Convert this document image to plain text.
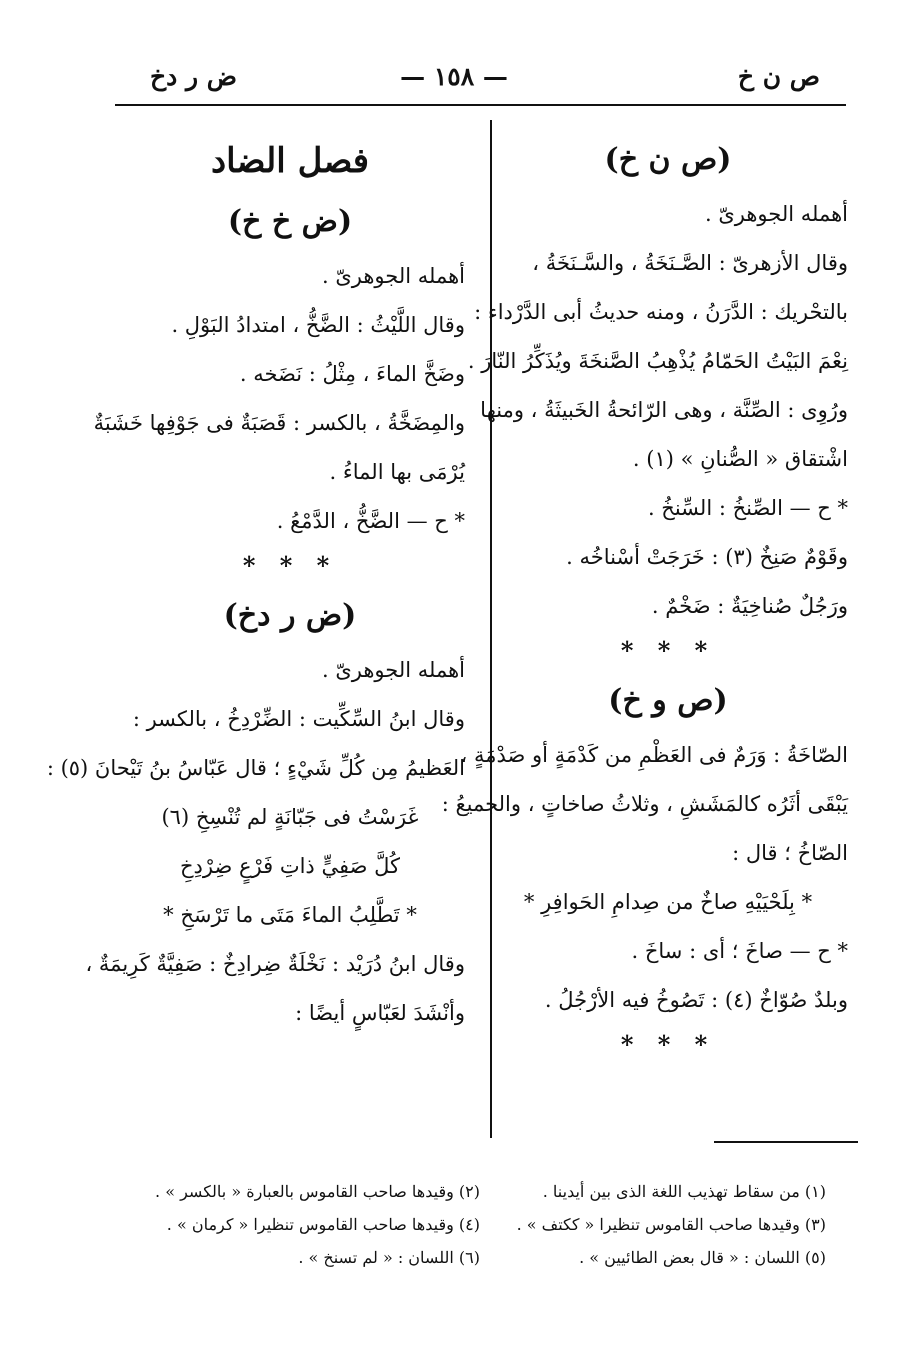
ص ن خ
— ١٥٨ —
ض ر دخ
(ص ن خ)
أهمله الجوهرىّ .
وقال الأزهرىّ : الصَّـنَخَةُ ، والسَّـنَخَةُ ،
بالتحْريك : الدَّرَنُ ، ومنه حديثُ أبى الدَّرْداء :
نِعْمَ البَيْتُ الحَمّامُ يُذْهِبُ الصَّنخَةَ ويُذَكِّرُ النّارَ .
ورُوِى : الصِّنَّة ، وهى الرّائحةُ الخَبيثَةُ ، ومنها
اشْتقاق « الصُّنانِ » (١) .
* ح — الصِّنخُ : السِّنخُ .
وقَوْمٌ صَنِخٌ (٣) : خَرَجَتْ أسْناخُه .
ورَجُلٌ صُناخِيَةٌ : ضَخْمٌ .
* * *
(ص و خ)
الصّاخَةُ : وَرَمٌ فى العَظْمِ من كَدْمَةٍ أو صَدْمَةٍ ،
يَبْقَى أثَرُه كالمَشَشِ ، وثلاثُ صاخاتٍ ، والجميعُ :
الصّاخُ ؛ قال :
* بِلَحْيَيْهِ صاخٌ من صِدامِ الحَوافِرِ *
* ح — صاخَ ؛ أى : ساخَ .
وبلدٌ صُوّاخٌ (٤) : تَصُوخُ فيه الأرْجُلُ .
* * *
فصل الضاد
(ض خ خ)
أهمله الجوهرىّ .
وقال اللَّيْثُ : الضَّخُّ ، امتدادُ البَوْلِ .
وضَخَّ الماءَ ، مِثْلُ : نَضَخه .
والمِضَخَّةُ ، بالكسر : قَصَبَةٌ فى جَوْفِها خَشَبَةٌ
يُرْمَى بها الماءُ .
* ح — الضَّخُّ ، الدَّمْعُ .
* * *
(ض ر دخ)
أهمله الجوهرىّ .
وقال ابنُ السِّكِّيت : الضِّرْدِخُ ، بالكسر :
العَظيمُ مِن كُلِّ شَيْءٍ ؛ قال عَبّاسُ بنُ تَيْحانَ (٥) :
غَرَسْتُ فى جَبّانَةٍ لم تُنْسِخِ (٦)
كُلَّ صَفِيٍّ ذاتِ فَرْعٍ ضِرْدِخِ
* تَطَّلِبُ الماءَ مَتَى ما تَرْسَخِ *
وقال ابنُ دُرَيْد : نَخْلَةٌ ضِرادِخٌ : صَفِيَّةٌ كَرِيمَةٌ ،
وأنْشَدَ لعَبّاسٍ أيضًا :
(١) من سقاط تهذيب اللغة الذى بين أيدينا .
(٣) وقيدها صاحب القاموس تنظيرا « ككتف » .
(٥) اللسان : « قال بعض الطائيين » .
(٢) وقيدها صاحب القاموس بالعبارة « بالكسر » .
(٤) وقيدها صاحب القاموس تنظيرا « كرمان » .
(٦) اللسان : « لم تسنخ » .
